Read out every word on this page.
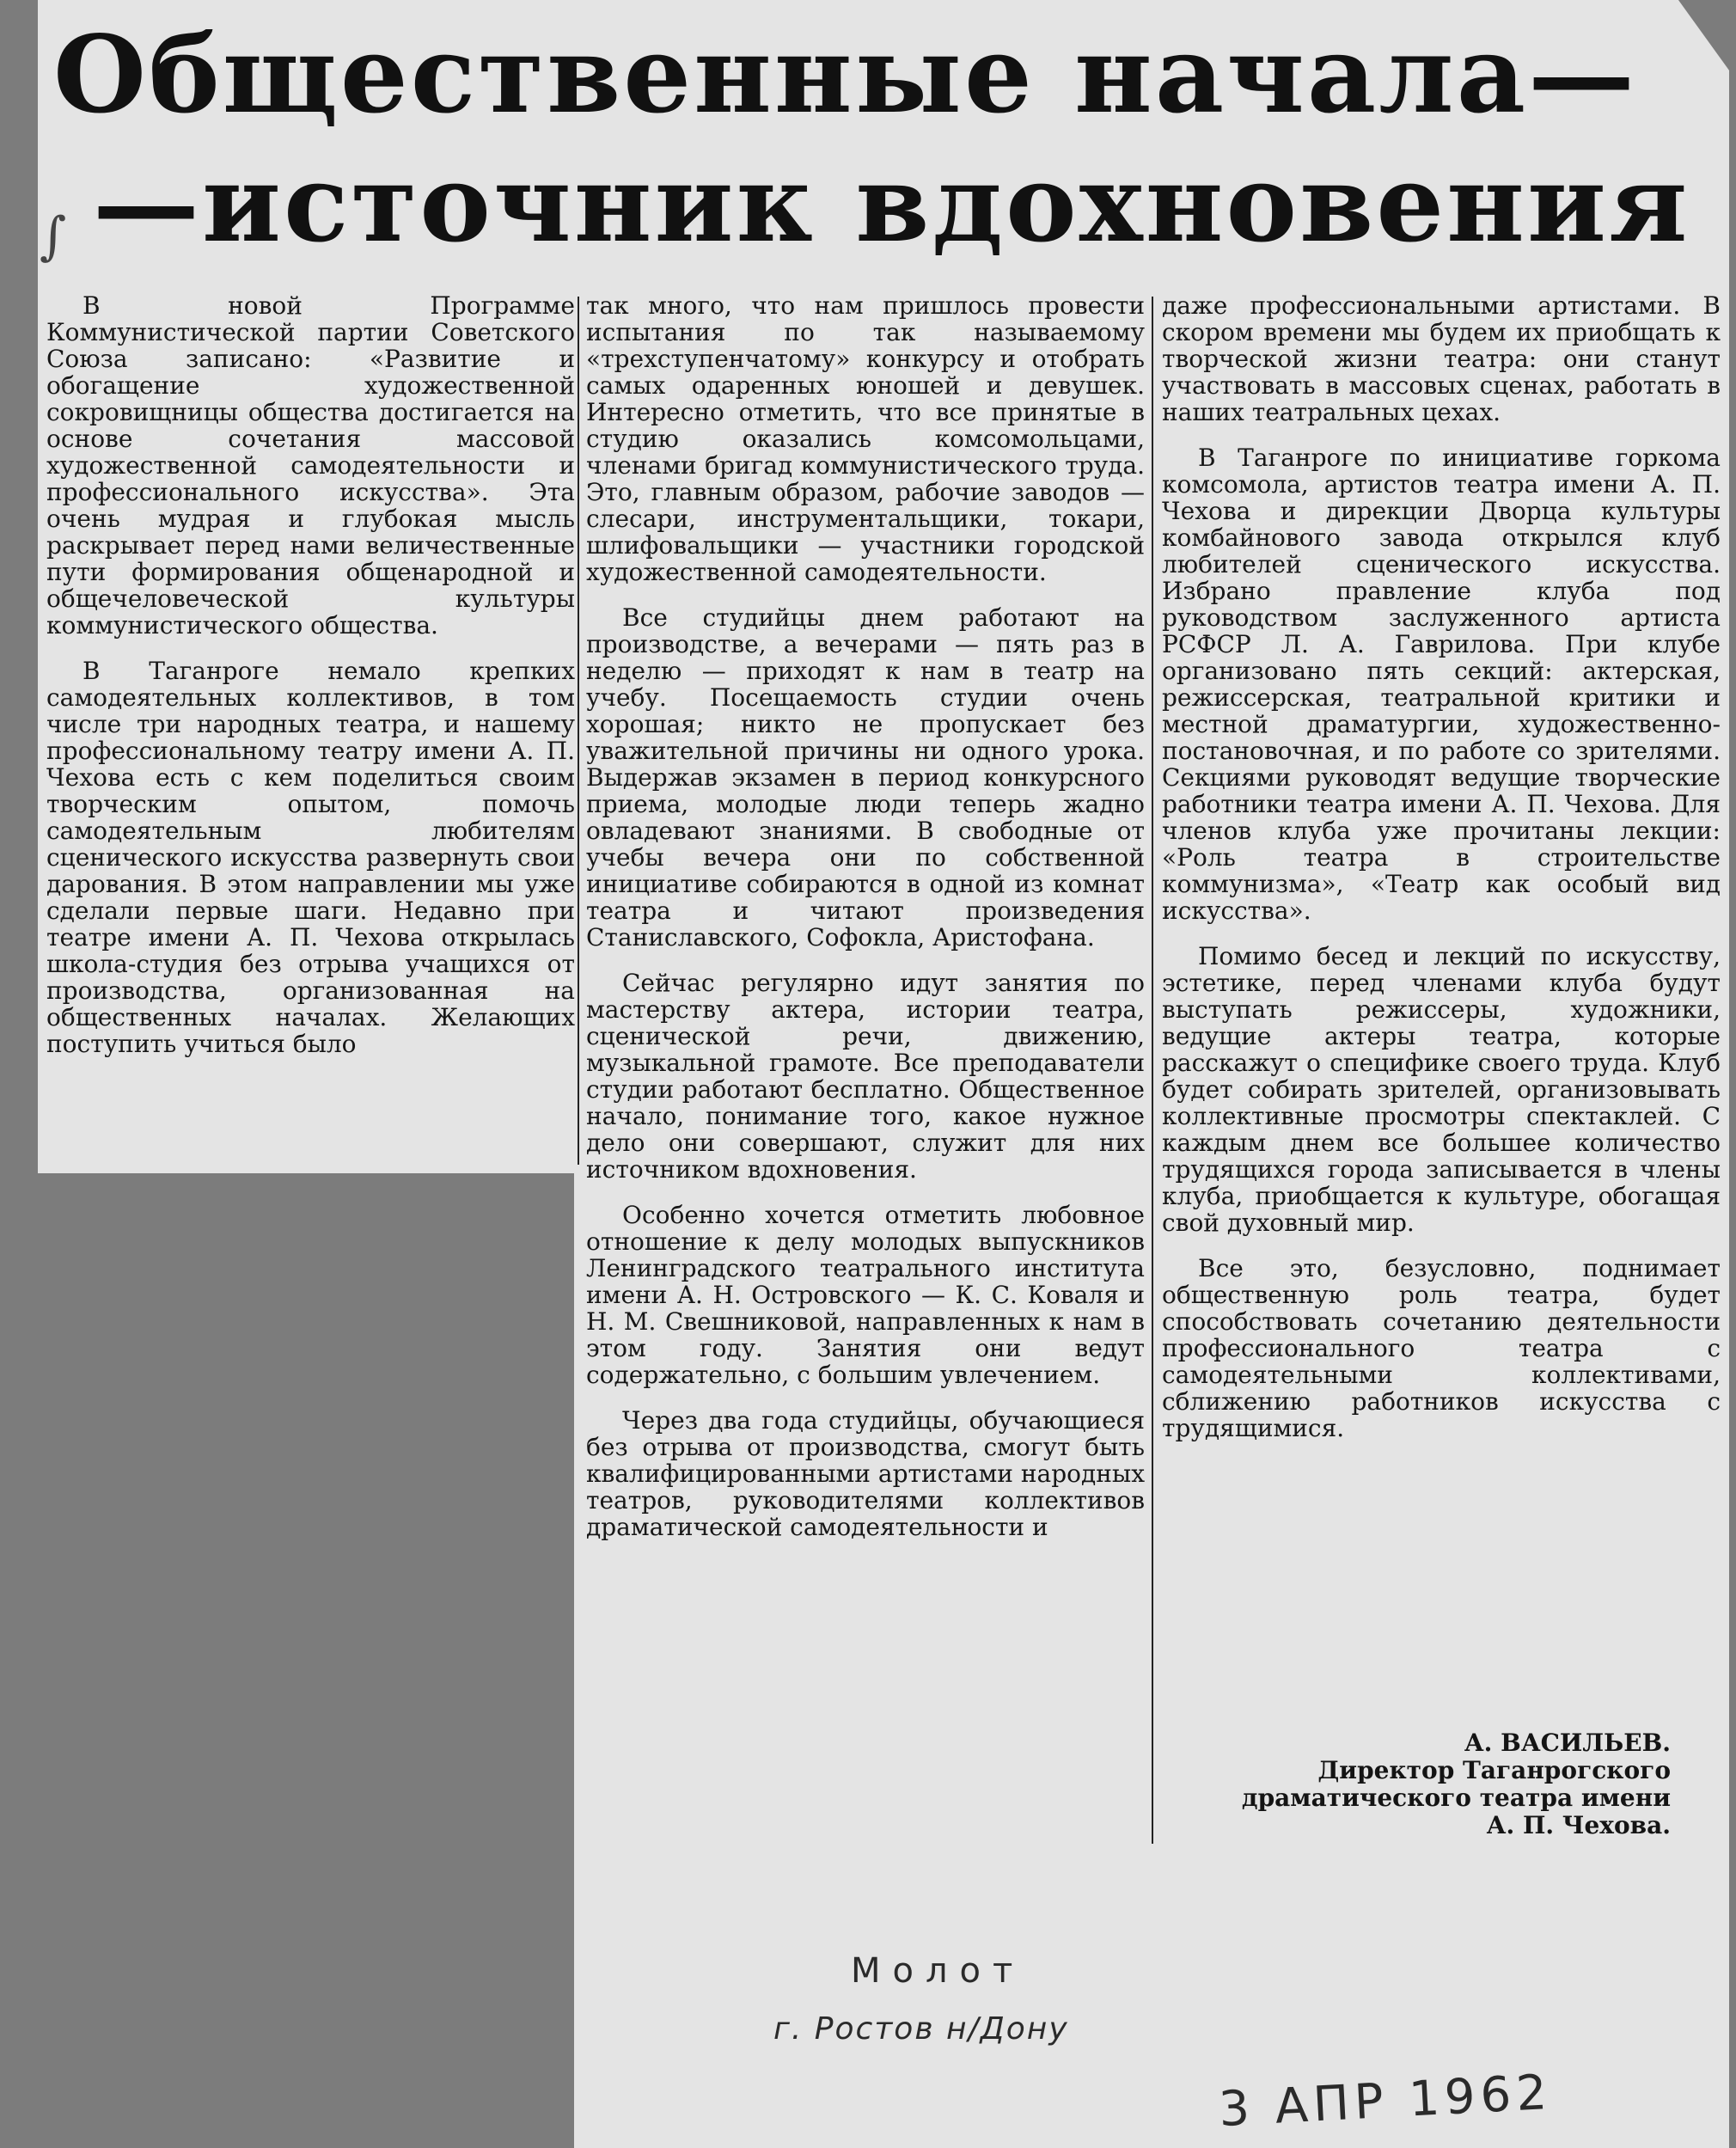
Общественные начала—
—источник вдохновения
∫

В новой Программе Коммунистической партии Советского Союза записано: «Развитие и обогащение художественной сокровищницы общества достигается на основе сочетания массовой художественной самодеятельности и профессионального искусства». Эта очень мудрая и глубокая мысль раскрывает перед нами величественные пути формирования общенародной и общечеловеческой культуры коммунистического общества.

В Таганроге немало крепких самодеятельных коллективов, в том числе три народных театра, и нашему профессиональному театру имени А. П. Чехова есть с кем поделиться своим творческим опытом, помочь самодеятельным любителям сценического искусства развернуть свои дарования. В этом направлении мы уже сделали первые шаги. Недавно при театре имени А. П. Чехова открылась школа-студия без отрыва учащихся от производства, организованная на общественных началах. Желающих поступить учиться было

так много, что нам пришлось провести испытания по так называемому «трехступенчатому» конкурсу и отобрать самых одаренных юношей и девушек. Интересно отметить, что все принятые в студию оказались комсомольцами, членами бригад коммунистического труда. Это, главным образом, рабочие заводов — слесари, инструментальщики, токари, шлифовальщики — участники городской художественной самодеятельности.

Все студийцы днем работают на производстве, а вечерами — пять раз в неделю — приходят к нам в театр на учебу. Посещаемость студии очень хорошая; никто не пропускает без уважительной причины ни одного урока. Выдержав экзамен в период конкурсного приема, молодые люди теперь жадно овладевают знаниями. В свободные от учебы вечера они по собственной инициативе собираются в одной из комнат театра и читают произведения Станиславского, Софокла, Аристофана.

Сейчас регулярно идут занятия по мастерству актера, истории театра, сценической речи, движению, музыкальной грамоте. Все преподаватели студии работают бесплатно. Общественное начало, понимание того, какое нужное дело они совершают, служит для них источником вдохновения.

Особенно хочется отметить любовное отношение к делу молодых выпускников Ленинградского театрального института имени А. Н. Островского — К. С. Коваля и Н. М. Свешниковой, направленных к нам в этом году. Занятия они ведут содержательно, с большим увлечением.

Через два года студийцы, обучающиеся без отрыва от производства, смогут быть квалифицированными артистами народных театров, руководителями коллективов драматической самодеятельности и

даже профессиональными артистами. В скором времени мы будем их приобщать к творческой жизни театра: они станут участвовать в массовых сценах, работать в наших театральных цехах.

В Таганроге по инициативе горкома комсомола, артистов театра имени А. П. Чехова и дирекции Дворца культуры комбайнового завода открылся клуб любителей сценического искусства. Избрано правление клуба под руководством заслуженного артиста РСФСР Л. А. Гаврилова. При клубе организовано пять секций: актерская, режиссерская, театральной критики и местной драматургии, художественно-постановочная, и по работе со зрителями. Секциями руководят ведущие творческие работники театра имени А. П. Чехова. Для членов клуба уже прочитаны лекции: «Роль театра в строительстве коммунизма», «Театр как особый вид искусства».

Помимо бесед и лекций по искусству, эстетике, перед членами клуба будут выступать режиссеры, художники, ведущие актеры театра, которые расскажут о специфике своего труда. Клуб будет собирать зрителей, организовывать коллективные просмотры спектаклей. С каждым днем все большее количество трудящихся города записывается в члены клуба, приобщается к культуре, обогащая свой духовный мир.

Все это, безусловно, поднимает общественную роль театра, будет способствовать сочетанию деятельности профессионального театра с самодеятельными коллективами, сближению работников искусства с трудящимися.

А. ВАСИЛЬЕВ.
Директор Таганрогского
драматического театра имени
А. П. Чехова.
Молот
г. Ростов н/Дону
3 АПР 1962
